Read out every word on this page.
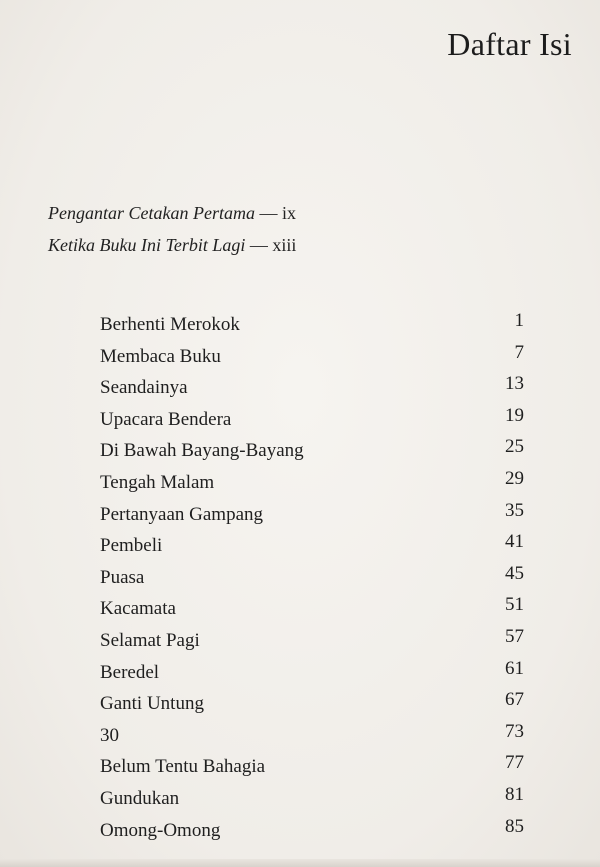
Daftar Isi
Pengantar Cetakan Pertama — ix
Ketika Buku Ini Terbit Lagi — xiii
Berhenti Merokok	1
Membaca Buku	7
Seandainya	13
Upacara Bendera	19
Di Bawah Bayang-Bayang	25
Tengah Malam	29
Pertanyaan Gampang	35
Pembeli	41
Puasa	45
Kacamata	51
Selamat Pagi	57
Beredel	61
Ganti Untung	67
30	73
Belum Tentu Bahagia	77
Gundukan	81
Omong-Omong	85
